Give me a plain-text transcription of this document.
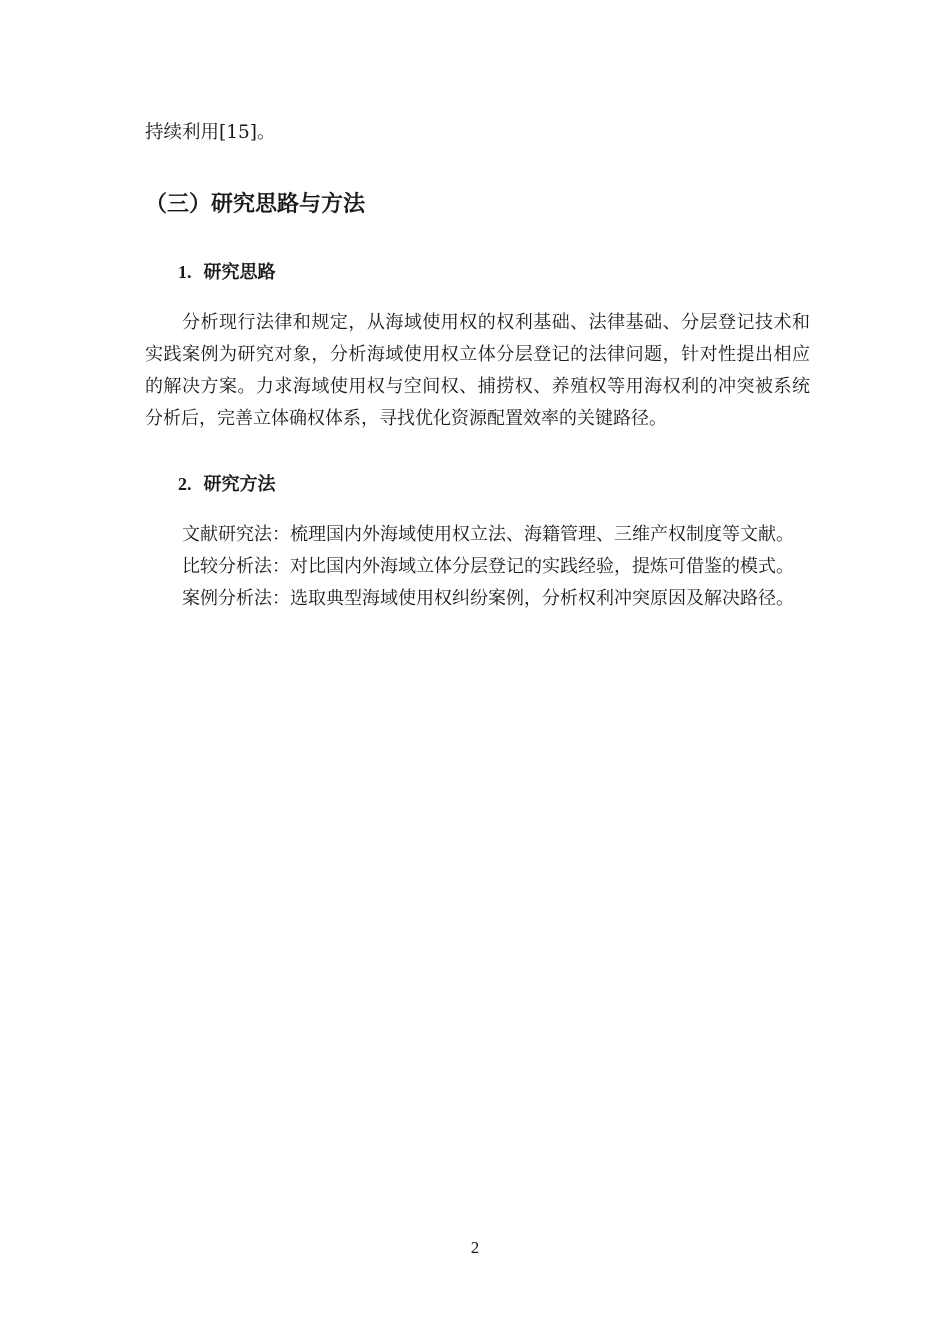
持续利用[15]。
（三）研究思路与方法
1. 研究思路
分析现行法律和规定，从海域使用权的权利基础、法律基础、分层登记技术和实践案例为研究对象，分析海域使用权立体分层登记的法律问题，针对性提出相应的解决方案。力求海域使用权与空间权、捕捞权、养殖权等用海权利的冲突被系统分析后，完善立体确权体系，寻找优化资源配置效率的关键路径。
2. 研究方法
文献研究法：梳理国内外海域使用权立法、海籍管理、三维产权制度等文献。
比较分析法：对比国内外海域立体分层登记的实践经验，提炼可借鉴的模式。
案例分析法：选取典型海域使用权纠纷案例，分析权利冲突原因及解决路径。
2
